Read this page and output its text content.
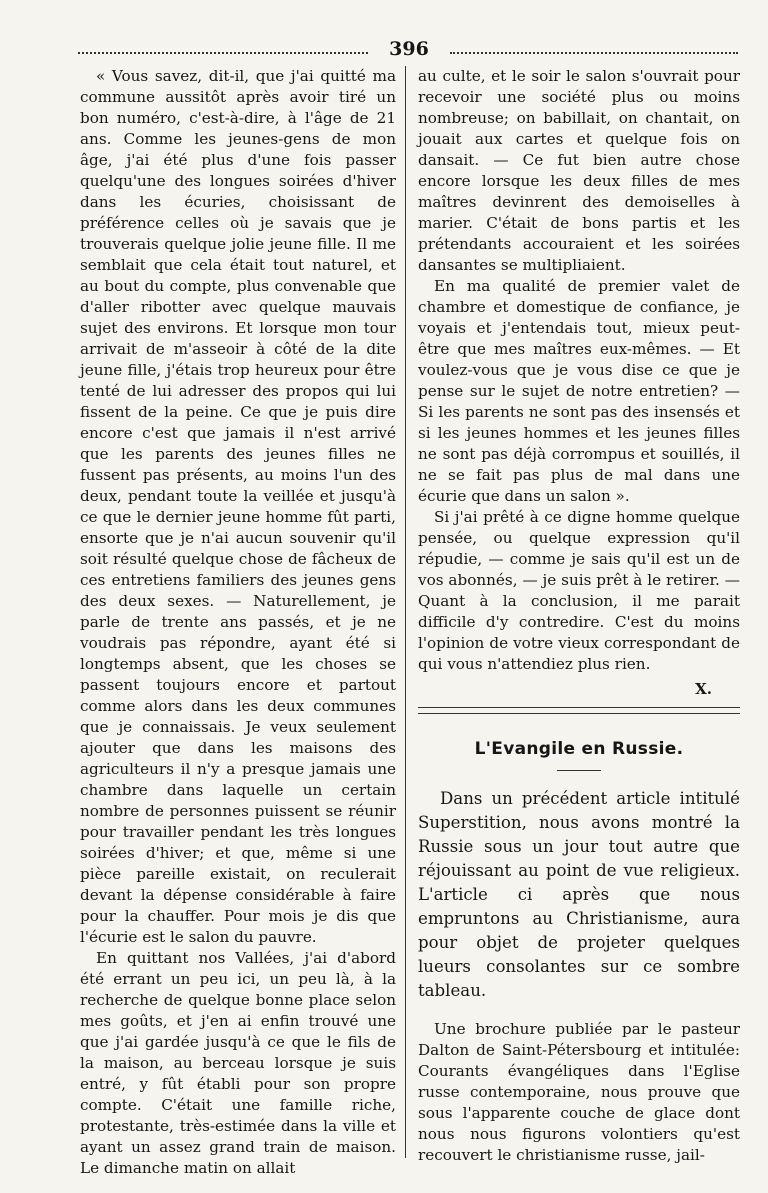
396

« Vous savez, dit-il, que j'ai quitté ma commune aussitôt après avoir tiré un bon numéro, c'est-à-dire, à l'âge de 21 ans. Comme les jeunes-gens de mon âge, j'ai été plus d'une fois passer quelqu'une des longues soirées d'hiver dans les écuries, choisissant de préférence celles où je savais que je trouverais quelque jolie jeune fille. Il me semblait que cela était tout naturel, et au bout du compte, plus convenable que d'aller ribotter avec quelque mauvais sujet des environs. Et lorsque mon tour arrivait de m'asseoir à côté de la dite jeune fille, j'étais trop heureux pour être tenté de lui adresser des propos qui lui fissent de la peine. Ce que je puis dire encore c'est que jamais il n'est arrivé que les parents des jeunes filles ne fussent pas présents, au moins l'un des deux, pendant toute la veillée et jusqu'à ce que le dernier jeune homme fût parti, ensorte que je n'ai aucun souvenir qu'il soit résulté quelque chose de fâcheux de ces entretiens familiers des jeunes gens des deux sexes. — Naturellement, je parle de trente ans passés, et je ne voudrais pas répondre, ayant été si longtemps absent, que les choses se passent toujours encore et partout comme alors dans les deux communes que je connaissais. Je veux seulement ajouter que dans les maisons des agriculteurs il n'y a presque jamais une chambre dans laquelle un certain nombre de personnes puissent se réunir pour travailler pendant les très longues soirées d'hiver; et que, même si une pièce pareille existait, on reculerait devant la dépense considérable à faire pour la chauffer. Pour mois je dis que l'écurie est le salon du pauvre.

En quittant nos Vallées, j'ai d'abord été errant un peu ici, un peu là, à la recherche de quelque bonne place selon mes goûts, et j'en ai enfin trouvé une que j'ai gardée jusqu'à ce que le fils de la maison, au berceau lorsque je suis entré, y fût établi pour son propre compte. C'était une famille riche, protestante, très-estimée dans la ville et ayant un assez grand train de maison. Le dimanche matin on allait

au culte, et le soir le salon s'ouvrait pour recevoir une société plus ou moins nombreuse; on babillait, on chantait, on jouait aux cartes et quelque fois on dansait. — Ce fut bien autre chose encore lorsque les deux filles de mes maîtres devinrent des demoiselles à marier. C'était de bons partis et les prétendants accouraient et les soirées dansantes se multipliaient.

En ma qualité de premier valet de chambre et domestique de confiance, je voyais et j'entendais tout, mieux peut-être que mes maîtres eux-mêmes. — Et voulez-vous que je vous dise ce que je pense sur le sujet de notre entretien? — Si les parents ne sont pas des insensés et si les jeunes hommes et les jeunes filles ne sont pas déjà corrompus et souillés, il ne se fait pas plus de mal dans une écurie que dans un salon ».

Si j'ai prêté à ce digne homme quelque pensée, ou quelque expression qu'il répudie, — comme je sais qu'il est un de vos abonnés, — je suis prêt à le retirer. — Quant à la conclusion, il me parait difficile d'y contredire. C'est du moins l'opinion de votre vieux correspondant de qui vous n'attendiez plus rien.

X.
L'Evangile en Russie.

Dans un précédent article intitulé Superstition, nous avons montré la Russie sous un jour tout autre que réjouissant au point de vue religieux. L'article ci après que nous empruntons au Christianisme, aura pour objet de projeter quelques lueurs consolantes sur ce sombre tableau.

Une brochure publiée par le pasteur Dalton de Saint-Pétersbourg et intitulée: Courants évangéliques dans l'Eglise russe contemporaine, nous prouve que sous l'apparente couche de glace dont nous nous figurons volontiers qu'est recouvert le christianisme russe, jail-
